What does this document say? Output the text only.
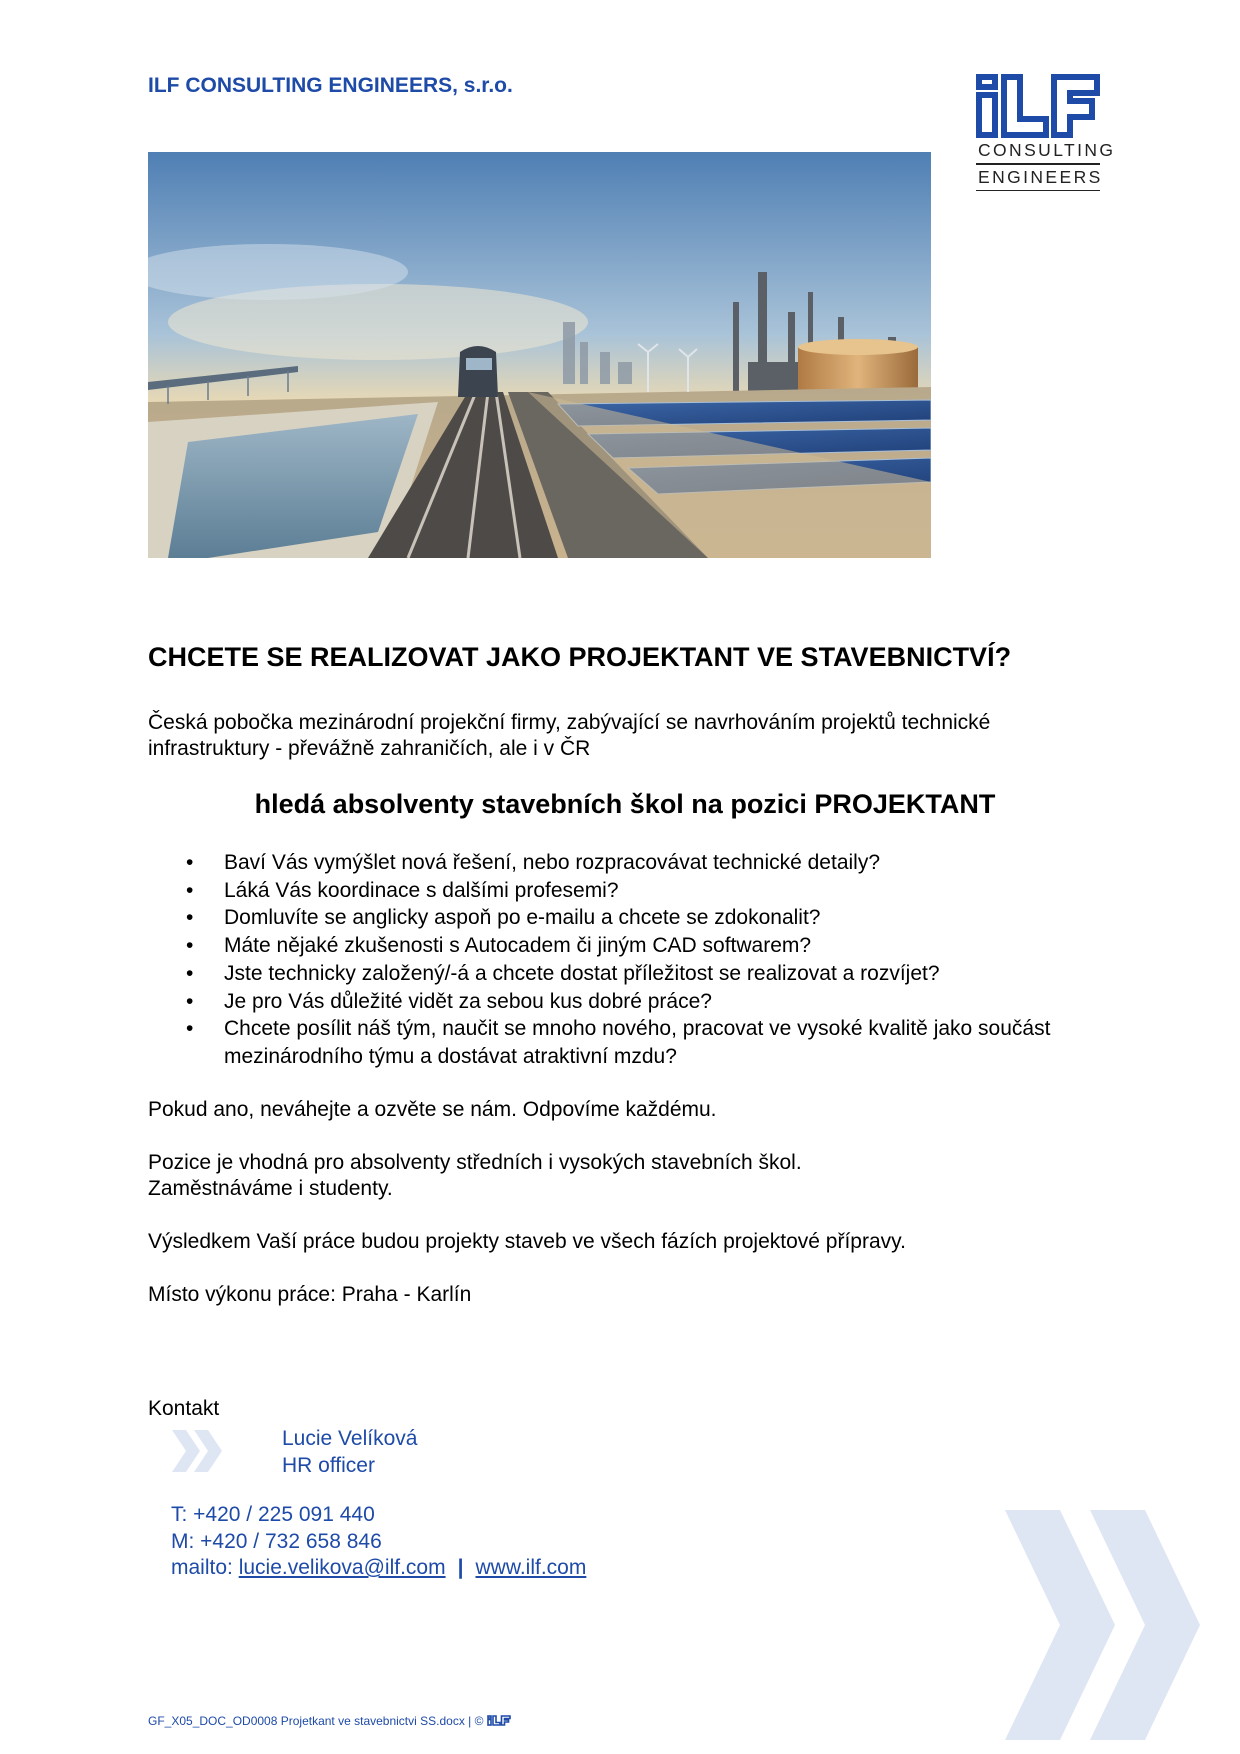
ILF CONSULTING ENGINEERS, s.r.o.
CONSULTING
ENGINEERS
CHCETE SE REALIZOVAT JAKO PROJEKTANT VE STAVEBNICTVÍ?
Česká pobočka mezinárodní projekční firmy, zabývající se navrhováním projektů technické infrastruktury - převážně zahraničích, ale i v ČR
hledá absolventy stavebních škol na pozici PROJEKTANT
• Baví Vás vymýšlet nová řešení, nebo rozpracovávat technické detaily?
• Láká Vás koordinace s dalšími profesemi?
• Domluvíte se anglicky aspoň po e-mailu a chcete se zdokonalit?
• Máte nějaké zkušenosti s Autocadem či jiným CAD softwarem?
• Jste technicky založený/-á a chcete dostat příležitost se realizovat a rozvíjet?
• Je pro Vás důležité vidět za sebou kus dobré práce?
• Chcete posílit náš tým, naučit se mnoho nového, pracovat ve vysoké kvalitě jako součást mezinárodního týmu a dostávat atraktivní mzdu?
Pokud ano, neváhejte a ozvěte se nám. Odpovíme každému.
Pozice je vhodná pro absolventy středních i vysokých stavebních škol.
Zaměstnáváme i studenty.
Výsledkem Vaší práce budou projekty staveb ve všech fázích projektové přípravy.
Místo výkonu práce: Praha - Karlín
Kontakt
Lucie Velíková
HR officer
T: +420 / 225 091 440
M: +420 / 732 658 846
mailto: lucie.velikova@ilf.com | www.ilf.com
GF_X05_DOC_OD0008 Projetkant ve stavebnictvi SS.docx | ©
